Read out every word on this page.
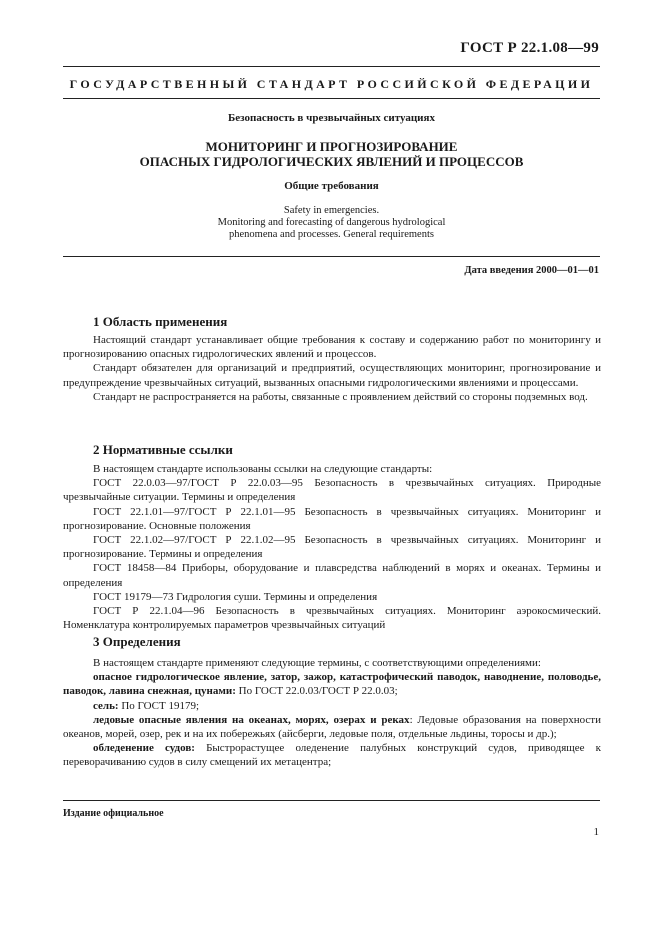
ГОСТ Р 22.1.08—99
ГОСУДАРСТВЕННЫЙ СТАНДАРТ РОССИЙСКОЙ ФЕДЕРАЦИИ
Безопасность в чрезвычайных ситуациях
МОНИТОРИНГ И ПРОГНОЗИРОВАНИЕ
ОПАСНЫХ ГИДРОЛОГИЧЕСКИХ ЯВЛЕНИЙ И ПРОЦЕССОВ
Общие требования
Safety in emergencies.
Monitoring and forecasting of dangerous hydrological
phenomena and processes. General requirements
Дата введения 2000—01—01
1 Область применения

Настоящий стандарт устанавливает общие требования к составу и содержанию работ по мониторингу и прогнозированию опасных гидрологических явлений и процессов.

Стандарт обязателен для организаций и предприятий, осуществляющих мониторинг, прогнозирование и предупреждение чрезвычайных ситуаций, вызванных опасными гидрологическими явлениями и процессами.

Стандарт не распространяется на работы, связанные с проявлением действий со стороны подземных вод.

2 Нормативные ссылки

В настоящем стандарте использованы ссылки на следующие стандарты:

ГОСТ 22.0.03—97/ГОСТ Р 22.0.03—95 Безопасность в чрезвычайных ситуациях. Природные чрезвычайные ситуации. Термины и определения

ГОСТ 22.1.01—97/ГОСТ Р 22.1.01—95 Безопасность в чрезвычайных ситуациях. Мониторинг и прогнозирование. Основные положения

ГОСТ 22.1.02—97/ГОСТ Р 22.1.02—95 Безопасность в чрезвычайных ситуациях. Мониторинг и прогнозирование. Термины и определения

ГОСТ 18458—84 Приборы, оборудование и плавсредства наблюдений в морях и океанах. Термины и определения

ГОСТ 19179—73 Гидрология суши. Термины и определения

ГОСТ Р 22.1.04—96 Безопасность в чрезвычайных ситуациях. Мониторинг аэрокосмический. Номенклатура контролируемых параметров чрезвычайных ситуаций

3 Определения

В настоящем стандарте применяют следующие термины, с соответствующими определениями:

опасное гидрологическое явление, затор, зажор, катастрофический паводок, наводнение, половодье, паводок, лавина снежная, цунами: По ГОСТ 22.0.03/ГОСТ Р 22.0.03;

сель: По ГОСТ 19179;

ледовые опасные явления на океанах, морях, озерах и реках: Ледовые образования на поверхности океанов, морей, озер, рек и на их побережьях (айсберги, ледовые поля, отдельные льдины, торосы и др.);

обледенение судов: Быстрорастущее оледенение палубных конструкций судов, приводящее к переворачиванию судов в силу смещений их метацентра;

Издание официальное
1
